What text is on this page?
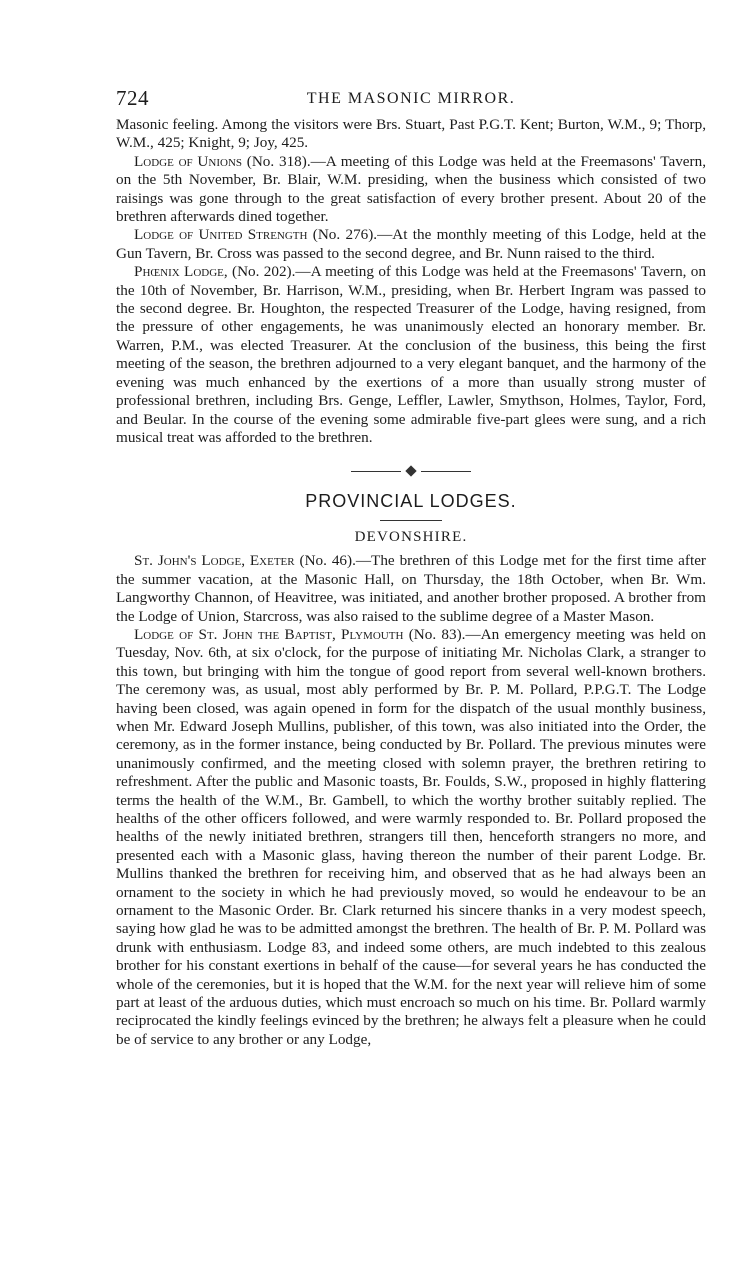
724	THE MASONIC MIRROR.

Masonic feeling. Among the visitors were Brs. Stuart, Past P.G.T. Kent; Burton, W.M., 9; Thorp, W.M., 425; Knight, 9; Joy, 425.

Lodge of Unions (No. 318).—A meeting of this Lodge was held at the Freemasons' Tavern, on the 5th November, Br. Blair, W.M. presiding, when the business which consisted of two raisings was gone through to the great satisfaction of every brother present. About 20 of the brethren afterwards dined together.

Lodge of United Strength (No. 276).—At the monthly meeting of this Lodge, held at the Gun Tavern, Br. Cross was passed to the second degree, and Br. Nunn raised to the third.

Phœnix Lodge, (No. 202).—A meeting of this Lodge was held at the Freemasons' Tavern, on the 10th of November, Br. Harrison, W.M., presiding, when Br. Herbert Ingram was passed to the second degree. Br. Houghton, the respected Treasurer of the Lodge, having resigned, from the pressure of other engagements, he was unanimously elected an honorary member. Br. Warren, P.M., was elected Treasurer. At the conclusion of the business, this being the first meeting of the season, the brethren adjourned to a very elegant banquet, and the harmony of the evening was much enhanced by the exertions of a more than usually strong muster of professional brethren, including Brs. Genge, Leffler, Lawler, Smythson, Holmes, Taylor, Ford, and Beular. In the course of the evening some admirable five-part glees were sung, and a rich musical treat was afforded to the brethren.

PROVINCIAL LODGES.
DEVONSHIRE.

St. John's Lodge, Exeter (No. 46).—The brethren of this Lodge met for the first time after the summer vacation, at the Masonic Hall, on Thursday, the 18th October, when Br. Wm. Langworthy Channon, of Heavitree, was initiated, and another brother proposed. A brother from the Lodge of Union, Starcross, was also raised to the sublime degree of a Master Mason.

Lodge of St. John the Baptist, Plymouth (No. 83).—An emergency meeting was held on Tuesday, Nov. 6th, at six o'clock, for the purpose of initiating Mr. Nicholas Clark, a stranger to this town, but bringing with him the tongue of good report from several well-known brothers. The ceremony was, as usual, most ably performed by Br. P. M. Pollard, P.P.G.T. The Lodge having been closed, was again opened in form for the dispatch of the usual monthly business, when Mr. Edward Joseph Mullins, publisher, of this town, was also initiated into the Order, the ceremony, as in the former instance, being conducted by Br. Pollard. The previous minutes were unanimously confirmed, and the meeting closed with solemn prayer, the brethren retiring to refreshment. After the public and Masonic toasts, Br. Foulds, S.W., proposed in highly flattering terms the health of the W.M., Br. Gambell, to which the worthy brother suitably replied. The healths of the other officers followed, and were warmly responded to. Br. Pollard proposed the healths of the newly initiated brethren, strangers till then, henceforth strangers no more, and presented each with a Masonic glass, having thereon the number of their parent Lodge. Br. Mullins thanked the brethren for receiving him, and observed that as he had always been an ornament to the society in which he had previously moved, so would he endeavour to be an ornament to the Masonic Order. Br. Clark returned his sincere thanks in a very modest speech, saying how glad he was to be admitted amongst the brethren. The health of Br. P. M. Pollard was drunk with enthusiasm. Lodge 83, and indeed some others, are much indebted to this zealous brother for his constant exertions in behalf of the cause—for several years he has conducted the whole of the ceremonies, but it is hoped that the W.M. for the next year will relieve him of some part at least of the arduous duties, which must encroach so much on his time. Br. Pollard warmly reciprocated the kindly feelings evinced by the brethren; he always felt a pleasure when he could be of service to any brother or any Lodge,
